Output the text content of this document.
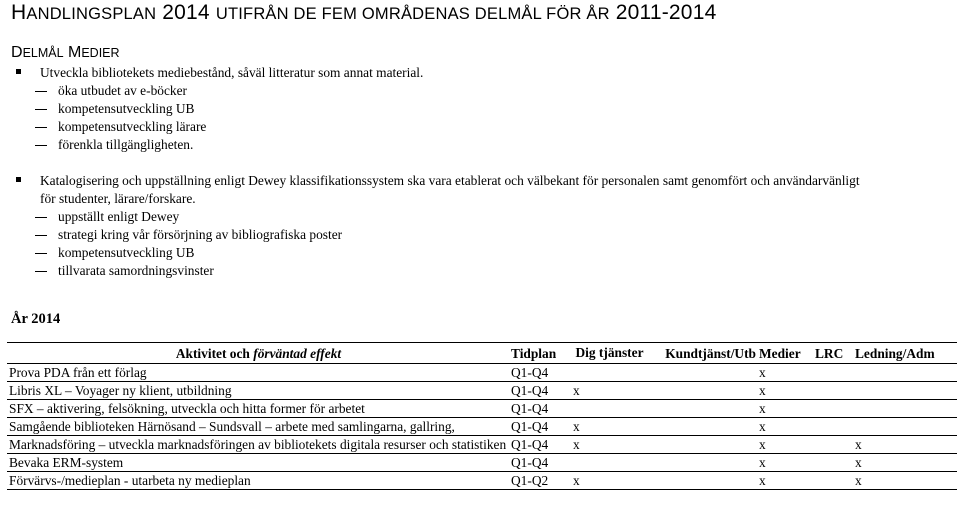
HANDLINGSPLAN 2014 UTIFRÅN DE FEM OMRÅDENAS DELMÅL FÖR ÅR 2011-2014
DELMÅL MEDIER
Utveckla bibliotekets mediebestånd, såväl litteratur som annat material.
öka utbudet av e-böcker
kompetensutveckling UB
kompetensutveckling lärare
förenkla tillgängligheten.
Katalogisering och uppställning enligt Dewey klassifikationssystem ska vara etablerat och välbekant för personalen samt genomfört och användarvänligt
för studenter, lärare/forskare.
uppställt enligt Dewey
strategi kring vår försörjning av bibliografiska poster
kompetensutveckling UB
tillvarata samordningsvinster
År 2014
Aktivitet och förväntad effekt	Tidplan	Dig tjänster	Kundtjänst/Utb	Medier	LRC	Ledning/Adm
Prova PDA från ett förlag	Q1-Q4			x		
Libris XL – Voyager ny klient, utbildning	Q1-Q4	x		x		
SFX – aktivering, felsökning, utveckla och hitta former för arbetet	Q1-Q4			x		
Samgående biblioteken Härnösand – Sundsvall – arbete med samlingarna, gallring,	Q1-Q4	x		x		
Marknadsföring – utveckla marknadsföringen av bibliotekets digitala resurser och statistiken	Q1-Q4	x		x		x
Bevaka ERM-system	Q1-Q4			x		x
Förvärvs-/medieplan - utarbeta ny medieplan	Q1-Q2	x		x		x
